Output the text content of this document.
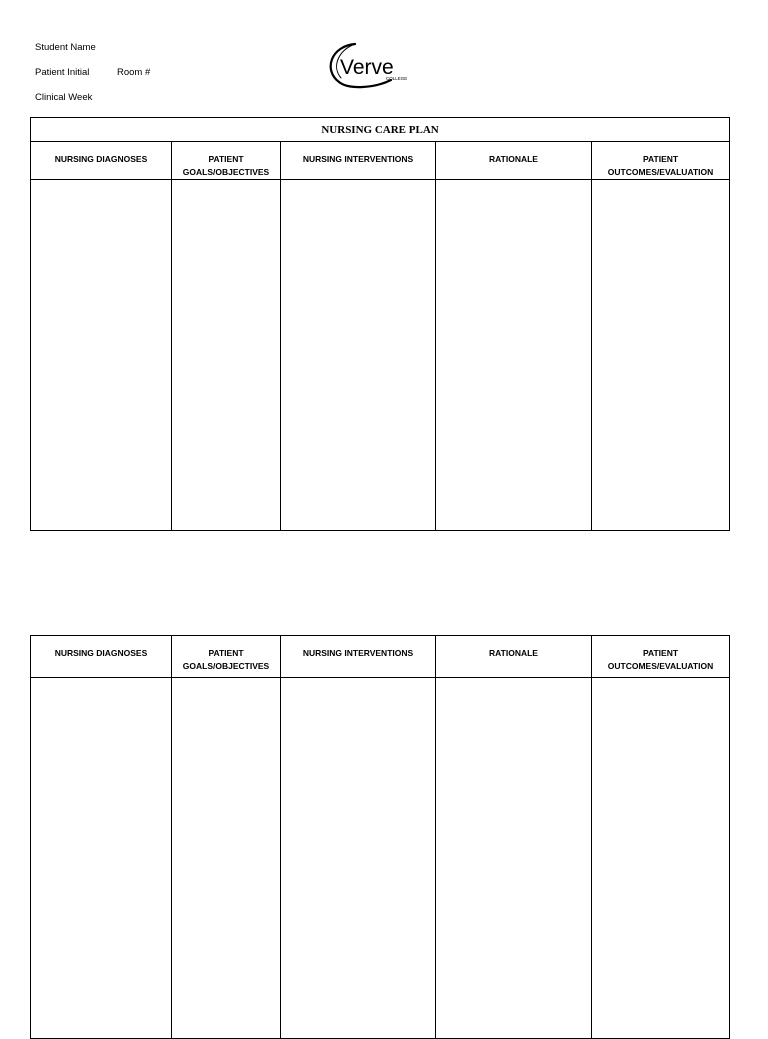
Student Name
Patient Initial	Room #
Clinical Week
Verve
COLLEGE
NURSING CARE PLAN				
NURSING DIAGNOSES	PATIENT GOALS/OBJECTIVES	NURSING INTERVENTIONS	RATIONALE	PATIENT OUTCOMES/EVALUATION

NURSING DIAGNOSES	PATIENT GOALS/OBJECTIVES	NURSING INTERVENTIONS	RATIONALE	PATIENT OUTCOMES/EVALUATION
